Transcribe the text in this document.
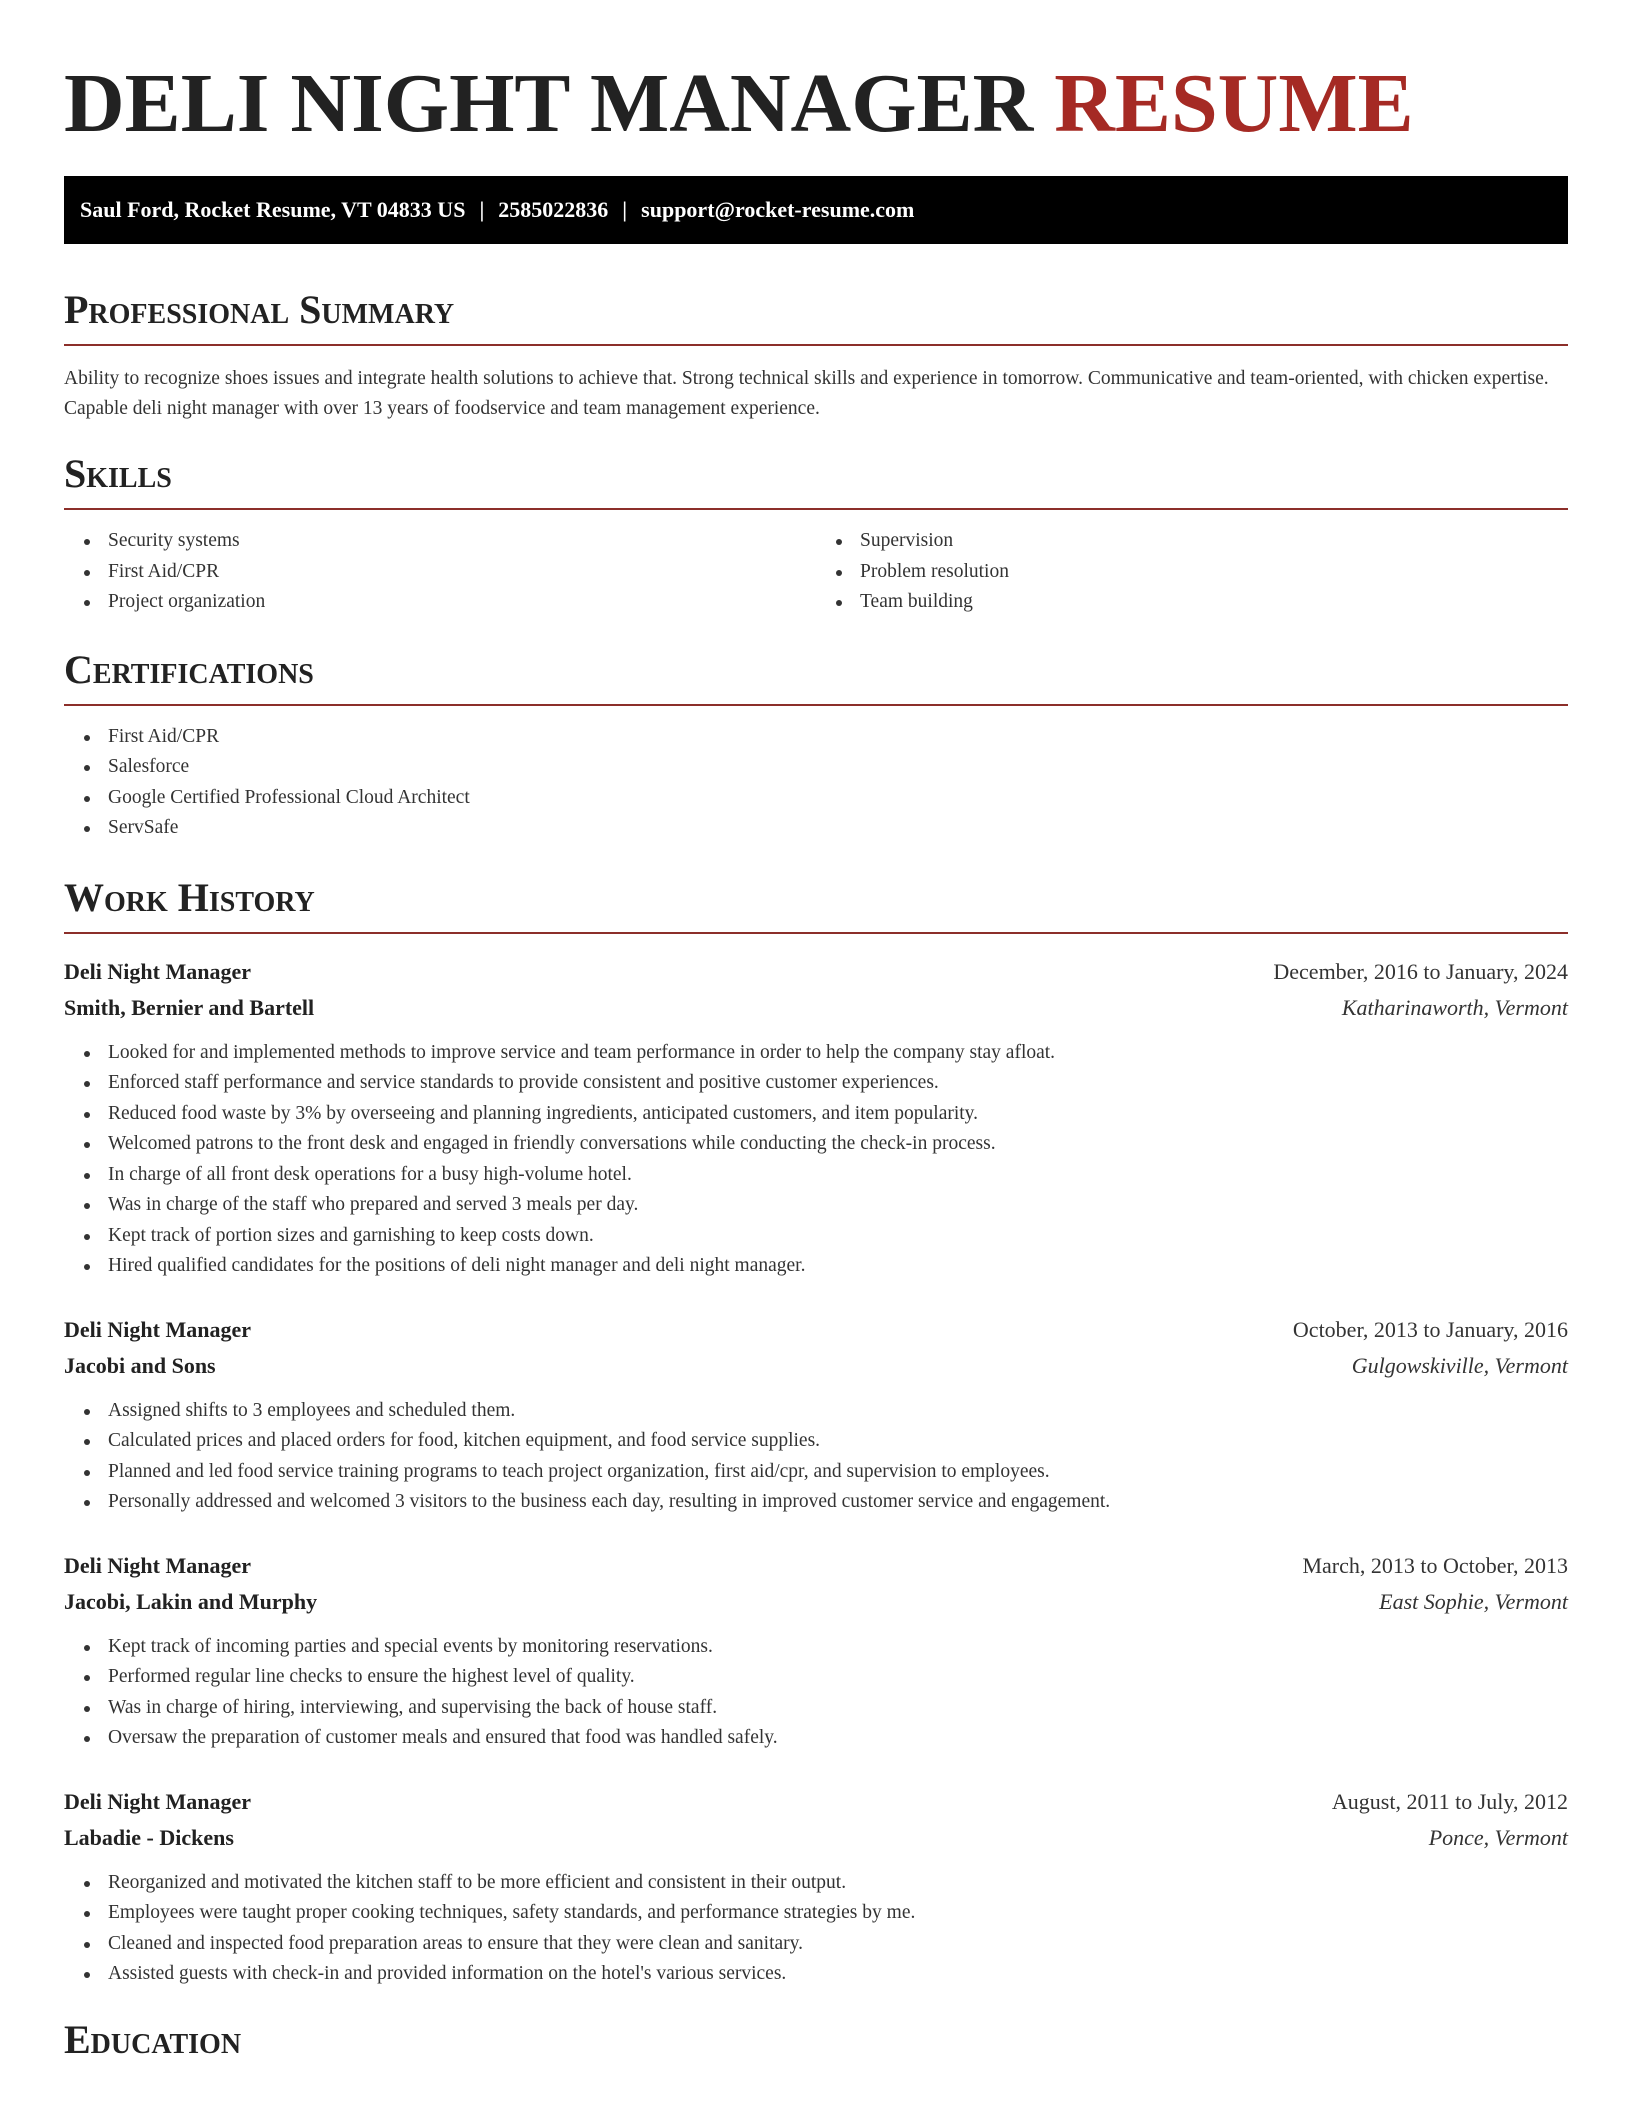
DELI NIGHT MANAGER RESUME
Saul Ford, Rocket Resume, VT 04833 US | 2585022836 | support@rocket-resume.com
Professional Summary

Ability to recognize shoes issues and integrate health solutions to achieve that. Strong technical skills and experience in tomorrow. Communicative and team-oriented, with chicken expertise. Capable deli night manager with over 13 years of foodservice and team management experience.

Skills
Security systems
First Aid/CPR
Project organization
Supervision
Problem resolution
Team building
Certifications
First Aid/CPR
Salesforce
Google Certified Professional Cloud Architect
ServSafe
Work History
Deli Night Manager	December, 2016 to January, 2024
Smith, Bernier and Bartell	Katharinaworth, Vermont
Looked for and implemented methods to improve service and team performance in order to help the company stay afloat.
Enforced staff performance and service standards to provide consistent and positive customer experiences.
Reduced food waste by 3% by overseeing and planning ingredients, anticipated customers, and item popularity.
Welcomed patrons to the front desk and engaged in friendly conversations while conducting the check-in process.
In charge of all front desk operations for a busy high-volume hotel.
Was in charge of the staff who prepared and served 3 meals per day.
Kept track of portion sizes and garnishing to keep costs down.
Hired qualified candidates for the positions of deli night manager and deli night manager.
Deli Night Manager	October, 2013 to January, 2016
Jacobi and Sons	Gulgowskiville, Vermont
Assigned shifts to 3 employees and scheduled them.
Calculated prices and placed orders for food, kitchen equipment, and food service supplies.
Planned and led food service training programs to teach project organization, first aid/cpr, and supervision to employees.
Personally addressed and welcomed 3 visitors to the business each day, resulting in improved customer service and engagement.
Deli Night Manager	March, 2013 to October, 2013
Jacobi, Lakin and Murphy	East Sophie, Vermont
Kept track of incoming parties and special events by monitoring reservations.
Performed regular line checks to ensure the highest level of quality.
Was in charge of hiring, interviewing, and supervising the back of house staff.
Oversaw the preparation of customer meals and ensured that food was handled safely.
Deli Night Manager	August, 2011 to July, 2012
Labadie - Dickens	Ponce, Vermont
Reorganized and motivated the kitchen staff to be more efficient and consistent in their output.
Employees were taught proper cooking techniques, safety standards, and performance strategies by me.
Cleaned and inspected food preparation areas to ensure that they were clean and sanitary.
Assisted guests with check-in and provided information on the hotel's various services.
Education
